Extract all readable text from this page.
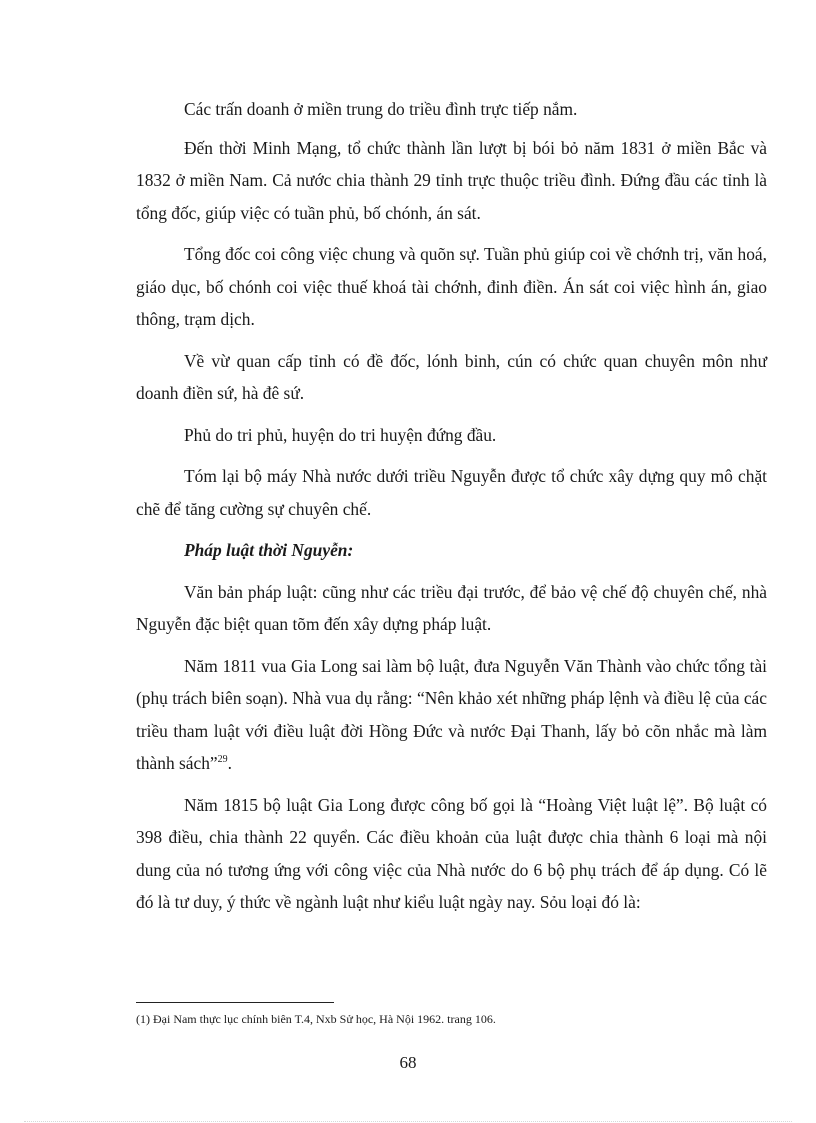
Các trấn doanh ở miền trung do triều đình trực tiếp nắm.

Đến thời Minh Mạng, tổ chức thành lần lượt bị bói bỏ năm 1831 ở miền Bắc và 1832 ở miền Nam. Cả nước chia thành 29 tỉnh trực thuộc triều đình. Đứng đầu các tỉnh là tổng đốc, giúp việc có tuần phủ, bố chónh, án sát.

Tổng đốc coi công việc chung và quõn sự. Tuần phủ giúp coi về chớnh trị, văn hoá, giáo dục, bố chónh coi việc thuế khoá tài chớnh, đinh điền. Án sát coi việc hình án, giao thông, trạm dịch.

Về vừ quan cấp tỉnh có đề đốc, lónh binh, cún có chức quan chuyên môn như doanh điền sứ, hà đê sứ.

Phủ do tri phủ, huyện do tri huyện đứng đầu.

Tóm lại bộ máy Nhà nước dưới triều Nguyễn được tổ chức xây dựng quy mô chặt chẽ để tăng cường sự chuyên chế.

Pháp luật thời Nguyễn:

Văn bản pháp luật: cũng như các triều đại trước, để bảo vệ chế độ chuyên chế, nhà Nguyễn đặc biệt quan tõm đến xây dựng pháp luật.

Năm 1811 vua Gia Long sai làm bộ luật, đưa Nguyễn Văn Thành vào chức tổng tài (phụ trách biên soạn). Nhà vua dụ rằng: “Nên khảo xét những pháp lệnh và điều lệ của các triều tham luật với điều luật đời Hồng Đức và nước Đại Thanh, lấy bỏ cõn nhắc mà làm thành sách”$^{29}$.

Năm 1815 bộ luật Gia Long được công bố gọi là “Hoàng Việt luật lệ”. Bộ luật có 398 điều, chia thành 22 quyển. Các điều khoản của luật được chia thành 6 loại mà nội dung của nó tương ứng với công việc của Nhà nước do 6 bộ phụ trách để áp dụng. Có lẽ đó là tư duy, ý thức về ngành luật như kiểu luật ngày nay. Sỏu loại đó là:

(1) Đại Nam thực lục chính biên T.4, Nxb Sử học, Hà Nội 1962. trang 106.
68
